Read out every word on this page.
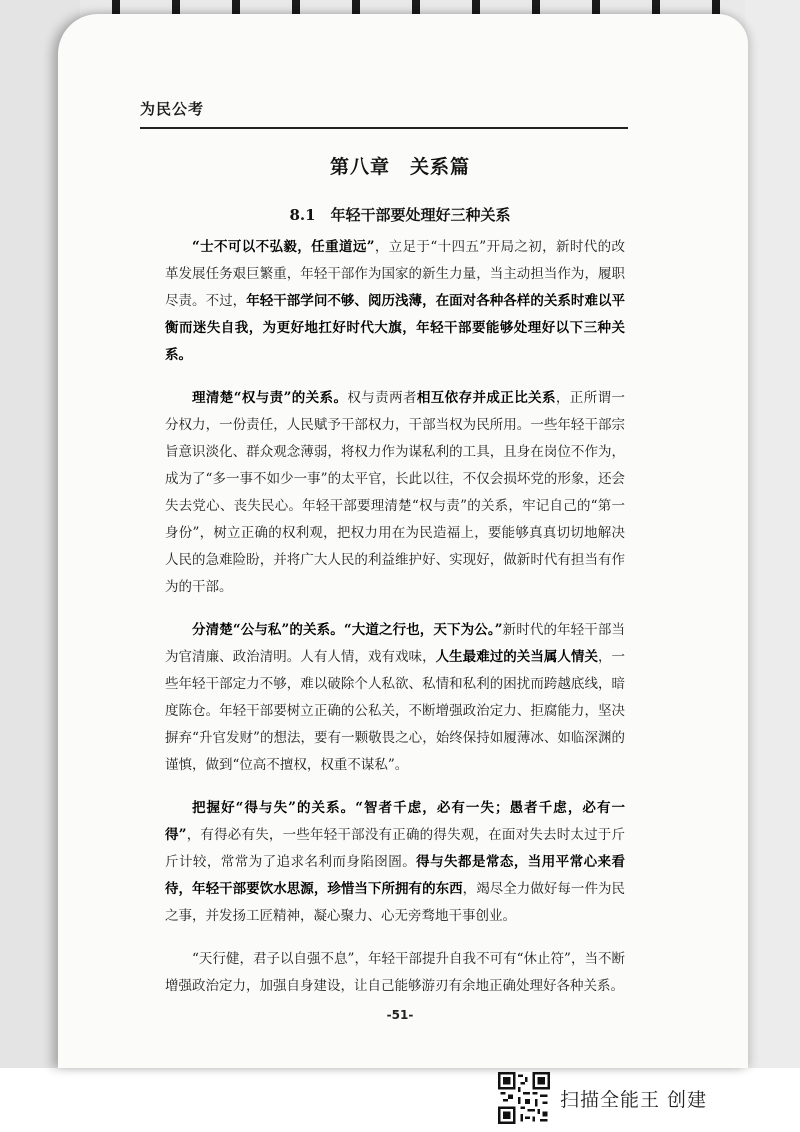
为民公考
第八章　关系篇
8.1　年轻干部要处理好三种关系

“士不可以不弘毅，任重道远”，立足于“十四五”开局之初，新时代的改革发展任务艰巨繁重，年轻干部作为国家的新生力量，当主动担当作为，履职尽责。不过，年轻干部学问不够、阅历浅薄，在面对各种各样的关系时难以平衡而迷失自我，为更好地扛好时代大旗，年轻干部要能够处理好以下三种关系。

理清楚“权与责”的关系。权与责两者相互依存并成正比关系，正所谓一分权力，一份责任，人民赋予干部权力，干部当权为民所用。一些年轻干部宗旨意识淡化、群众观念薄弱，将权力作为谋私利的工具，且身在岗位不作为，成为了“多一事不如少一事”的太平官，长此以往，不仅会损坏党的形象，还会失去党心、丧失民心。年轻干部要理清楚“权与责”的关系，牢记自己的“第一身份”，树立正确的权利观，把权力用在为民造福上，要能够真真切切地解决人民的急难险盼，并将广大人民的利益维护好、实现好，做新时代有担当有作为的干部。

分清楚“公与私”的关系。“大道之行也，天下为公。”新时代的年轻干部当为官清廉、政治清明。人有人情，戏有戏味，人生最难过的关当属人情关，一些年轻干部定力不够，难以破除个人私欲、私情和私利的困扰而跨越底线，暗度陈仓。年轻干部要树立正确的公私关，不断增强政治定力、拒腐能力，坚决摒弃“升官发财”的想法，要有一颗敬畏之心，始终保持如履薄冰、如临深渊的谨慎，做到“位高不擅权，权重不谋私”。

把握好“得与失”的关系。“智者千虑，必有一失；愚者千虑，必有一得”，有得必有失，一些年轻干部没有正确的得失观，在面对失去时太过于斤斤计较，常常为了追求名利而身陷囹圄。得与失都是常态，当用平常心来看待，年轻干部要饮水思源，珍惜当下所拥有的东西，竭尽全力做好每一件为民之事，并发扬工匠精神，凝心聚力、心无旁骛地干事创业。

“天行健，君子以自强不息”，年轻干部提升自我不可有“休止符”，当不断增强政治定力，加强自身建设，让自己能够游刃有余地正确处理好各种关系。

-51-
扫描全能王 创建
